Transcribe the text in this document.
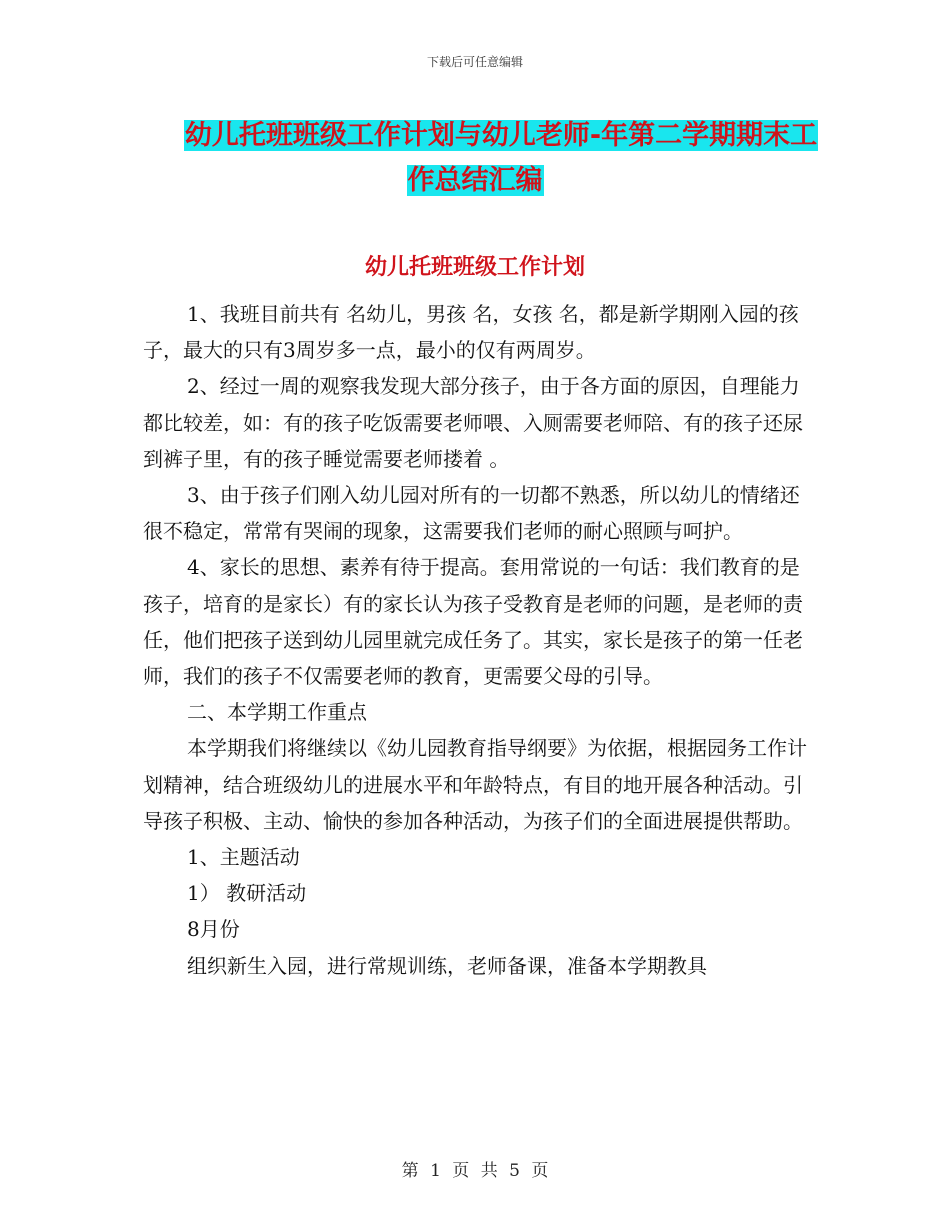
下载后可任意编辑
幼儿托班班级工作计划与幼儿老师-年第二学期期末工
作总结汇编
幼儿托班班级工作计划

1、我班目前共有 名幼儿，男孩 名，女孩 名，都是新学期刚入园的孩子，最大的只有3周岁多一点，最小的仅有两周岁。

2、经过一周的观察我发现大部分孩子，由于各方面的原因，自理能力都比较差，如：有的孩子吃饭需要老师喂、入厕需要老师陪、有的孩子还尿到裤子里，有的孩子睡觉需要老师搂着 。

3、由于孩子们刚入幼儿园对所有的一切都不熟悉，所以幼儿的情绪还很不稳定，常常有哭闹的现象，这需要我们老师的耐心照顾与呵护。

4、家长的思想、素养有待于提高。套用常说的一句话：我们教育的是孩子，培育的是家长）有的家长认为孩子受教育是老师的问题，是老师的责任，他们把孩子送到幼儿园里就完成任务了。其实，家长是孩子的第一任老师，我们的孩子不仅需要老师的教育，更需要父母的引导。

二、本学期工作重点

本学期我们将继续以《幼儿园教育指导纲要》为依据，根据园务工作计划精神，结合班级幼儿的进展水平和年龄特点，有目的地开展各种活动。引导孩子积极、主动、愉快的参加各种活动，为孩子们的全面进展提供帮助。

1、主题活动

1） 教研活动

8月份

组织新生入园，进行常规训练，老师备课，准备本学期教具

第 1 页 共 5 页
